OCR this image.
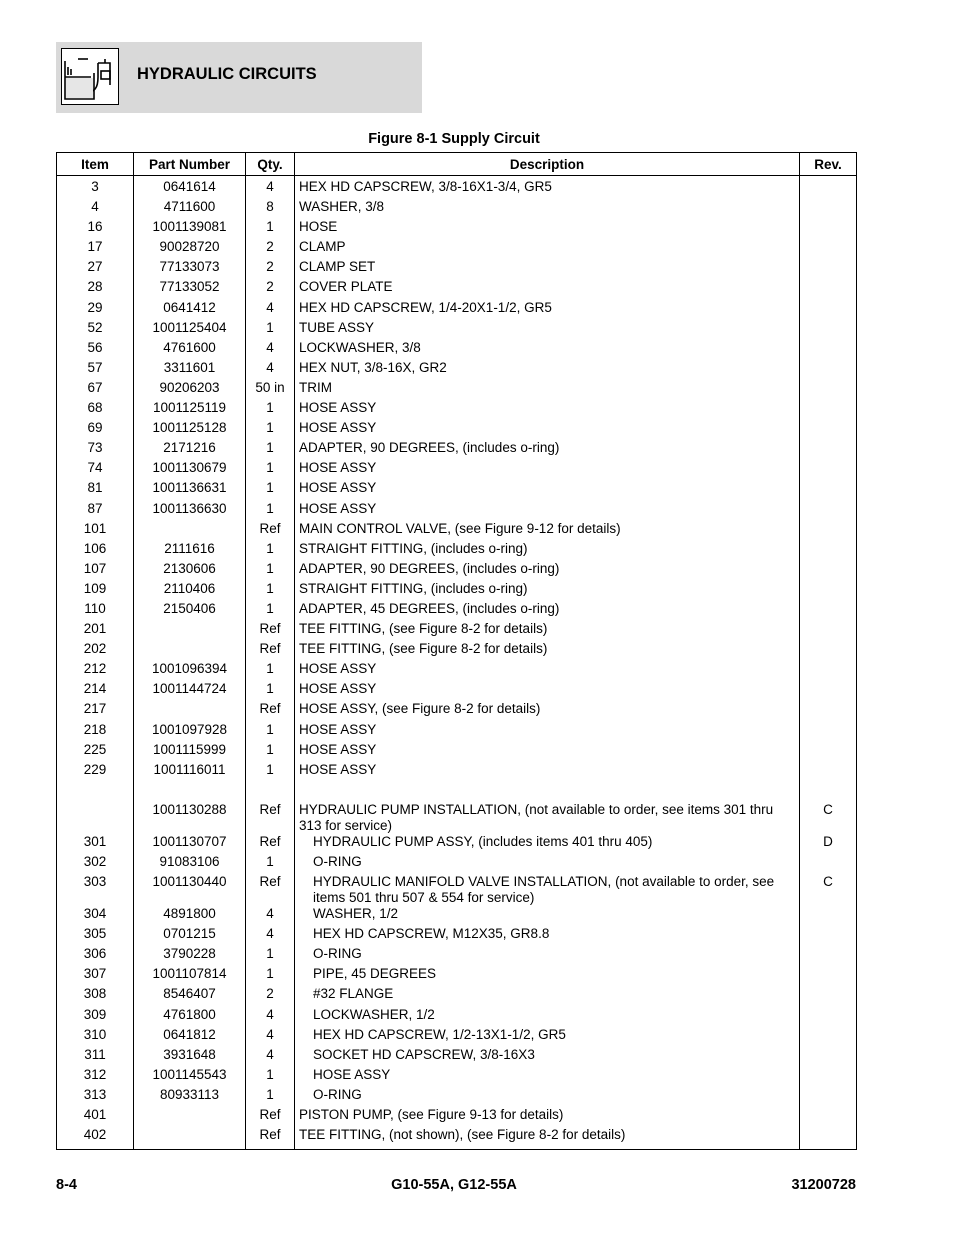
HYDRAULIC CIRCUITS
Figure 8-1 Supply Circuit
Item	Part Number	Qty.	Description	Rev.
3	0641614	4	HEX HD CAPSCREW, 3/8-16X1-3/4, GR5	
4	4711600	8	WASHER, 3/8	
16	1001139081	1	HOSE	
17	90028720	2	CLAMP	
27	77133073	2	CLAMP SET	
28	77133052	2	COVER PLATE	
29	0641412	4	HEX HD CAPSCREW, 1/4-20X1-1/2, GR5	
52	1001125404	1	TUBE ASSY	
56	4761600	4	LOCKWASHER, 3/8	
57	3311601	4	HEX NUT, 3/8-16X, GR2	
67	90206203	50 in	TRIM	
68	1001125119	1	HOSE ASSY	
69	1001125128	1	HOSE ASSY	
73	2171216	1	ADAPTER, 90 DEGREES, (includes o-ring)	
74	1001130679	1	HOSE ASSY	
81	1001136631	1	HOSE ASSY	
87	1001136630	1	HOSE ASSY	
101		Ref	MAIN CONTROL VALVE, (see Figure 9-12 for details)	
106	2111616	1	STRAIGHT FITTING, (includes o-ring)	
107	2130606	1	ADAPTER, 90 DEGREES, (includes o-ring)	
109	2110406	1	STRAIGHT FITTING, (includes o-ring)	
110	2150406	1	ADAPTER, 45 DEGREES, (includes o-ring)	
201		Ref	TEE FITTING, (see Figure 8-2 for details)	
202		Ref	TEE FITTING, (see Figure 8-2 for details)	
212	1001096394	1	HOSE ASSY	
214	1001144724	1	HOSE ASSY	
217		Ref	HOSE ASSY, (see Figure 8-2 for details)	
218	1001097928	1	HOSE ASSY	
225	1001115999	1	HOSE ASSY	
229	1001116011	1	HOSE ASSY	

	1001130288	Ref	HYDRAULIC PUMP INSTALLATION, (not available to order, see items 301 thru 313 for service)	C
301	1001130707	Ref	HYDRAULIC PUMP ASSY, (includes items 401 thru 405)	D
302	91083106	1	O-RING	
303	1001130440	Ref	HYDRAULIC MANIFOLD VALVE INSTALLATION, (not available to order, see items 501 thru 507 & 554 for service)	C
304	4891800	4	WASHER, 1/2	
305	0701215	4	HEX HD CAPSCREW, M12X35, GR8.8	
306	3790228	1	O-RING	
307	1001107814	1	PIPE, 45 DEGREES	
308	8546407	2	#32 FLANGE	
309	4761800	4	LOCKWASHER, 1/2	
310	0641812	4	HEX HD CAPSCREW, 1/2-13X1-1/2, GR5	
311	3931648	4	SOCKET HD CAPSCREW, 3/8-16X3	
312	1001145543	1	HOSE ASSY	
313	80933113	1	O-RING	
401		Ref	PISTON PUMP, (see Figure 9-13 for details)	
402		Ref	TEE FITTING, (not shown), (see Figure 8-2 for details)	
8-4	G10-55A, G12-55A	31200728
